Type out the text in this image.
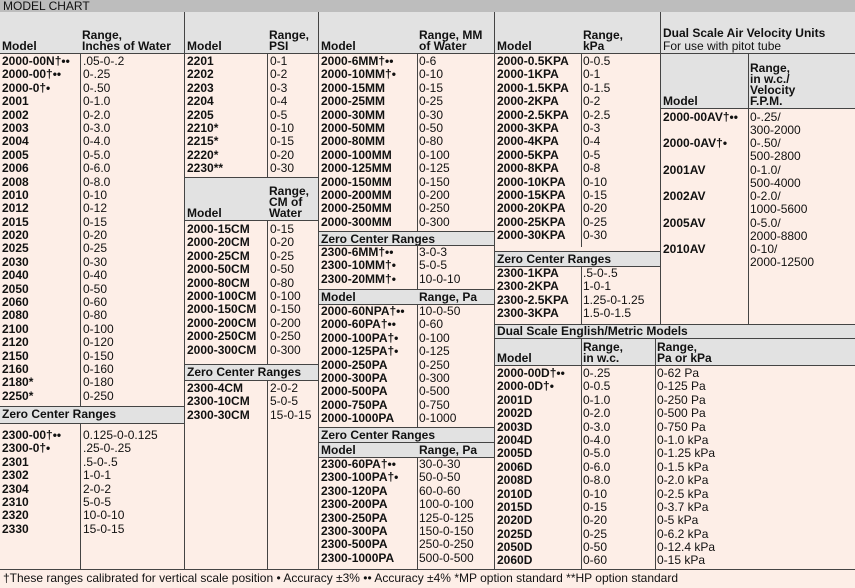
MODEL CHART
Model
Range,
Inches of Water
2000-00N†•• .05-0-.2
2000-00†•• 0-.25
2000-0†•	0-.50
2001	0-1.0
2002	0-2.0
2003	0-3.0
2004	0-4.0
2005	0-5.0
2006	0-6.0
2008	0-8.0
2010	0-10
2012	0-12
2015	0-15
2020	0-20
2025	0-25
2030	0-30
2040	0-40
2050	0-50
2060	0-60
2080	0-80
2100	0-100
2120	0-120
2150	0-150
2160	0-160
2180*	0-180
2250*	0-250
Zero Center Ranges
2300-00†•• 0.125-0-0.125
2300-0†•	.25-0-.25
2301	.5-0-.5
2302	1-0-1
2304	2-0-2
2310	5-0-5
2320	10-0-10
2330	15-0-15
Model
Range,
PSI
2201	0-1
2202	0-2
2203	0-3
2204	0-4
2205	0-5
2210*	0-10
2215*	0-15
2220*	0-20
2230**	0-30
Model
Range,
CM of
Water
2000-15CM 0-15
2000-20CM 0-20
2000-25CM 0-25
2000-50CM 0-50
2000-80CM 0-80
2000-100CM 0-100
2000-150CM 0-150
2000-200CM 0-200
2000-250CM 0-250
2000-300CM 0-300
Zero Center Ranges
2300-4CM 2-0-2
2300-10CM 5-0-5
2300-30CM 15-0-15
Model
Range, MM
of Water
2000-6MM†•• 0-6
2000-10MM†• 0-10
2000-15MM	0-15
2000-25MM	0-25
2000-30MM	0-30
2000-50MM	0-50
2000-80MM	0-80
2000-100MM 0-100
2000-125MM 0-125
2000-150MM 0-150
2000-200MM 0-200
2000-250MM 0-250
2000-300MM 0-300
Zero Center Ranges
2300-6MM†•• 3-0-3
2300-10MM†• 5-0-5
2300-20MM†• 10-0-10
Model	Range, Pa
2000-60NPA†•• 10-0-50
2000-60PA†•• 0-60
2000-100PA†• 0-100
2000-125PA†• 0-125
2000-250PA	0-250
2000-300PA	0-300
2000-500PA	0-500
2000-750PA	0-750
2000-1000PA 0-1000
Zero Center Ranges
Model	Range, Pa
2300-60PA†•• 30-0-30
2300-100PA†• 50-0-50
2300-120PA	60-0-60
2300-200PA	100-0-100
2300-250PA	125-0-125
2300-300PA	150-0-150
2300-500PA	250-0-250
2300-1000PA 500-0-500
Model
Range,
kPa
2000-0.5KPA 0-0.5
2000-1KPA 0-1
2000-1.5KPA 0-1.5
2000-2KPA 0-2
2000-2.5KPA 0-2.5
2000-3KPA 0-3
2000-4KPA 0-4
2000-5KPA 0-5
2000-8KPA 0-8
2000-10KPA 0-10
2000-15KPA 0-15
2000-20KPA 0-20
2000-25KPA 0-25
2000-30KPA 0-30
Zero Center Ranges
2300-1KPA .5-0-.5
2300-2KPA 1-0-1
2300-2.5KPA 1.25-0-1.25
2300-3KPA 1.5-0-1.5
Dual Scale Air Velocity Units
For use with pitot tube
Model
Range,
in w.c./
Velocity
F.P.M.
2000-00AV†•• 0-.25/
300-2000
2000-0AV†• 0-.50/
500-2800
2001AV	0-1.0/
500-4000
2002AV	0-2.0/
1000-5600
2005AV	0-5.0/
2000-8800
2010AV	0-10/
2000-12500
Dual Scale English/Metric Models
Model
Range,
in w.c.
Range,
Pa or kPa
2000-00D†•• 0-.25	0-62 Pa
2000-0D†• 0-0.5	0-125 Pa
2001D	0-1.0	0-250 Pa
2002D	0-2.0	0-500 Pa
2003D	0-3.0	0-750 Pa
2004D	0-4.0	0-1.0 kPa
2005D	0-5.0	0-1.25 kPa
2006D	0-6.0	0-1.5 kPa
2008D	0-8.0	0-2.0 kPa
2010D	0-10	0-2.5 kPa
2015D	0-15	0-3.7 kPa
2020D	0-20	0-5 kPa
2025D	0-25	0-6.2 kPa
2050D	0-50	0-12.4 kPa
2060D	0-60	0-15 kPa
†These ranges calibrated for vertical scale position • Accuracy ±3% •• Accuracy ±4% *MP option standard **HP option standard
